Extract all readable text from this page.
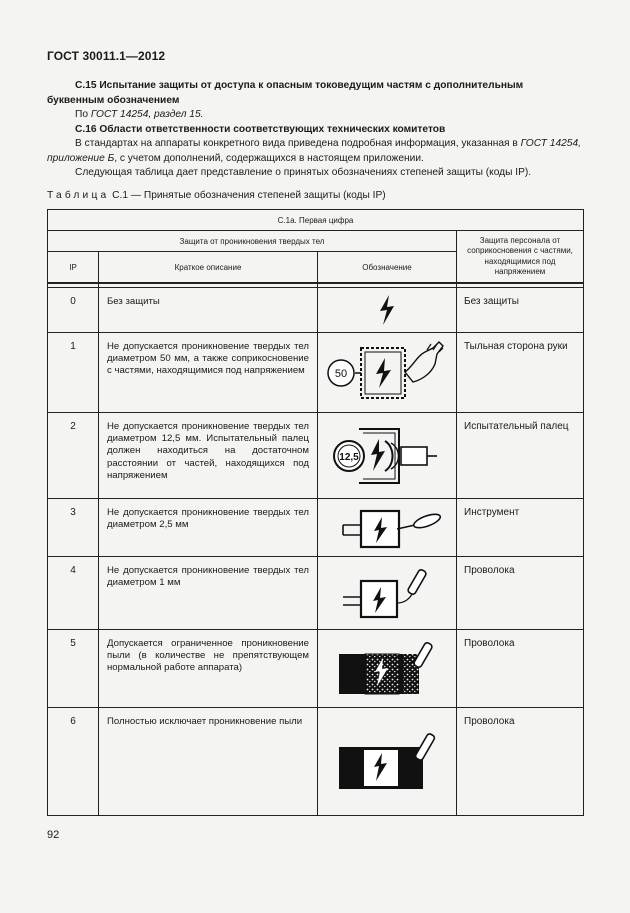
ГОСТ 30011.1—2012

С.15 Испытание защиты от доступа к опасным токоведущим частям с дополнительным буквенным обозначением

По ГОСТ 14254, раздел 15.

С.16 Области ответственности соответствующих технических комитетов

В стандартах на аппараты конкретного вида приведена подробная информация, указанная в ГОСТ 14254, приложение Б, с учетом дополнений, содержащихся в настоящем приложении.

Следующая таблица дает представление о принятых обозначениях степеней защиты (коды IP).

Таблица С.1 — Принятые обозначения степеней защиты (коды IP)
С.1а. Первая цифра			
Защита от проникновения твердых тел			Защита персонала от соприкосновения с частями, находящимися под напряжением
IP	Краткое описание	Обозначение	

0	Без защиты		Без защиты
1	Не допускается проникновение твердых тел диаметром 50 мм, а также соприкосновение с частями, находящимися под напряжением	50	Тыльная сторона руки
2	Не допускается проникновение твердых тел диаметром 12,5 мм. Испытательный палец должен находиться на достаточном расстоянии от частей, находящихся под напряжением	12,5	Испытательный палец
3	Не допускается проникновение твердых тел диаметром 2,5 мм		Инструмент
4	Не допускается проникновение твердых тел диаметром 1 мм		Проволока
5	Допускается ограниченное проникновение пыли (в количестве не препятствующем нормальной работе аппарата)		Проволока
6	Полностью исключает проникновение пыли		Проволока
92
